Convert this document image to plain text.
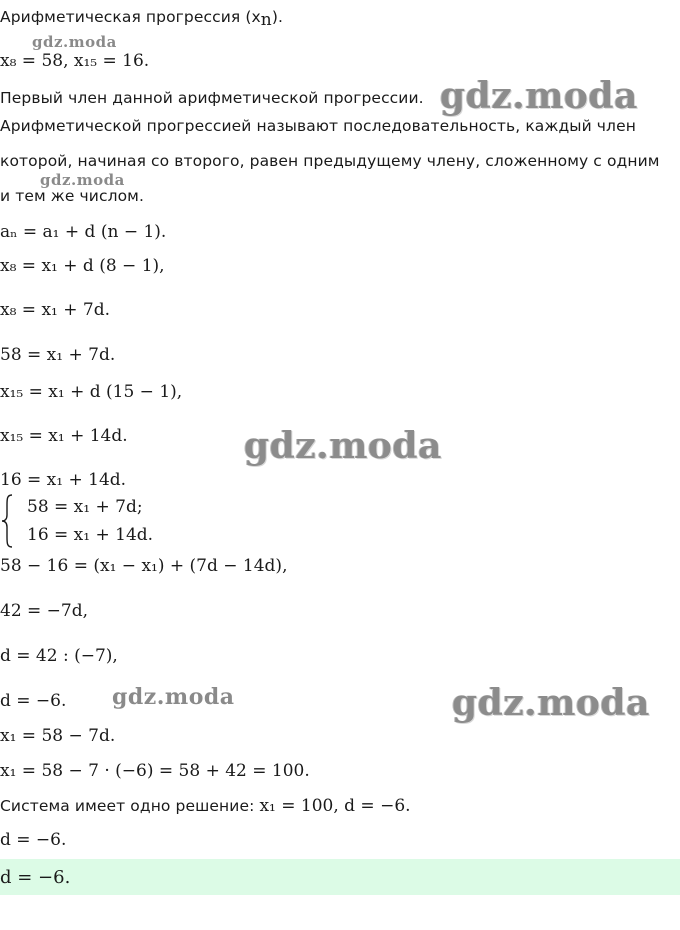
gdz.moda
gdz.moda
gdz.moda
gdz.moda
gdz.moda	gdz.moda
Арифметическая прогрессия $(x_n)$.
x₈ = 58, x₁₅ = 16.
Первый член данной арифметической прогрессии.
Арифметической прогрессией называют последовательность, каждый член
которой, начиная со второго, равен предыдущему члену, сложенному с одним
и тем же числом.
aₙ = a₁ + d (n − 1).
x₈ = x₁ + d (8 − 1),
x₈ = x₁ + 7d.
58 = x₁ + 7d.
x₁₅ = x₁ + d (15 − 1),
x₁₅ = x₁ + 14d.
16 = x₁ + 14d.
58 = x₁ + 7d;
16 = x₁ + 14d.
58 − 16 = (x₁ − x₁) + (7d − 14d),
42 = −7d,
d = 42 : (−7),
d = −6.
x₁ = 58 − 7d.
x₁ = 58 − 7 · (−6) = 58 + 42 = 100.
Система имеет одно решение: x₁ = 100, d = −6.
d = −6.
d = −6.
